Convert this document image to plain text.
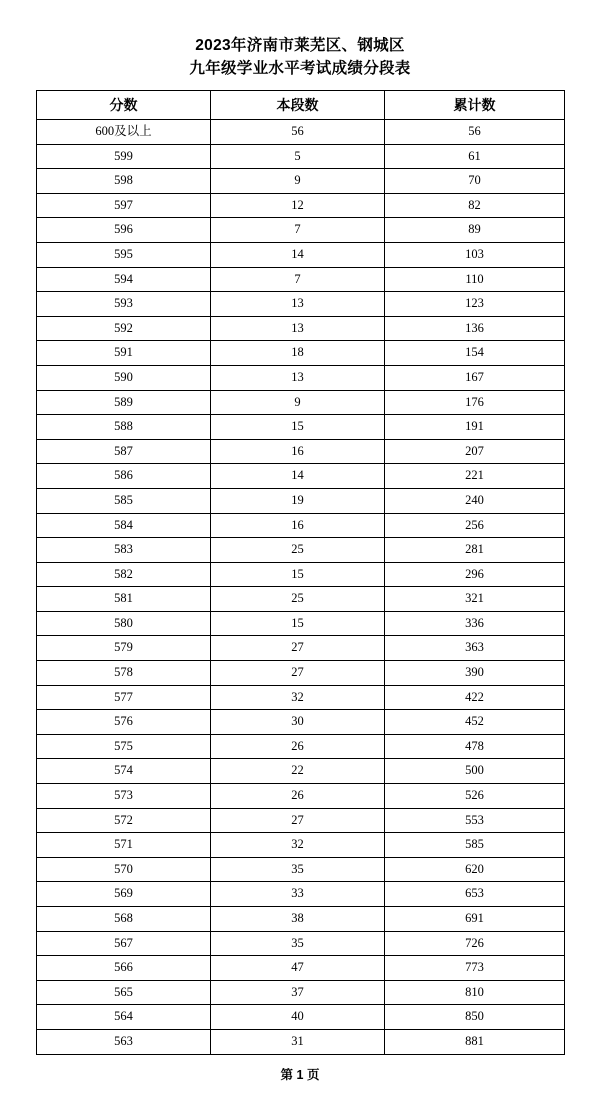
2023年济南市莱芜区、钢城区
九年级学业水平考试成绩分段表
分数	本段数	累计数
600及以上	56	56
599	5	61
598	9	70
597	12	82
596	7	89
595	14	103
594	7	110
593	13	123
592	13	136
591	18	154
590	13	167
589	9	176
588	15	191
587	16	207
586	14	221
585	19	240
584	16	256
583	25	281
582	15	296
581	25	321
580	15	336
579	27	363
578	27	390
577	32	422
576	30	452
575	26	478
574	22	500
573	26	526
572	27	553
571	32	585
570	35	620
569	33	653
568	38	691
567	35	726
566	47	773
565	37	810
564	40	850
563	31	881
第 1 页
